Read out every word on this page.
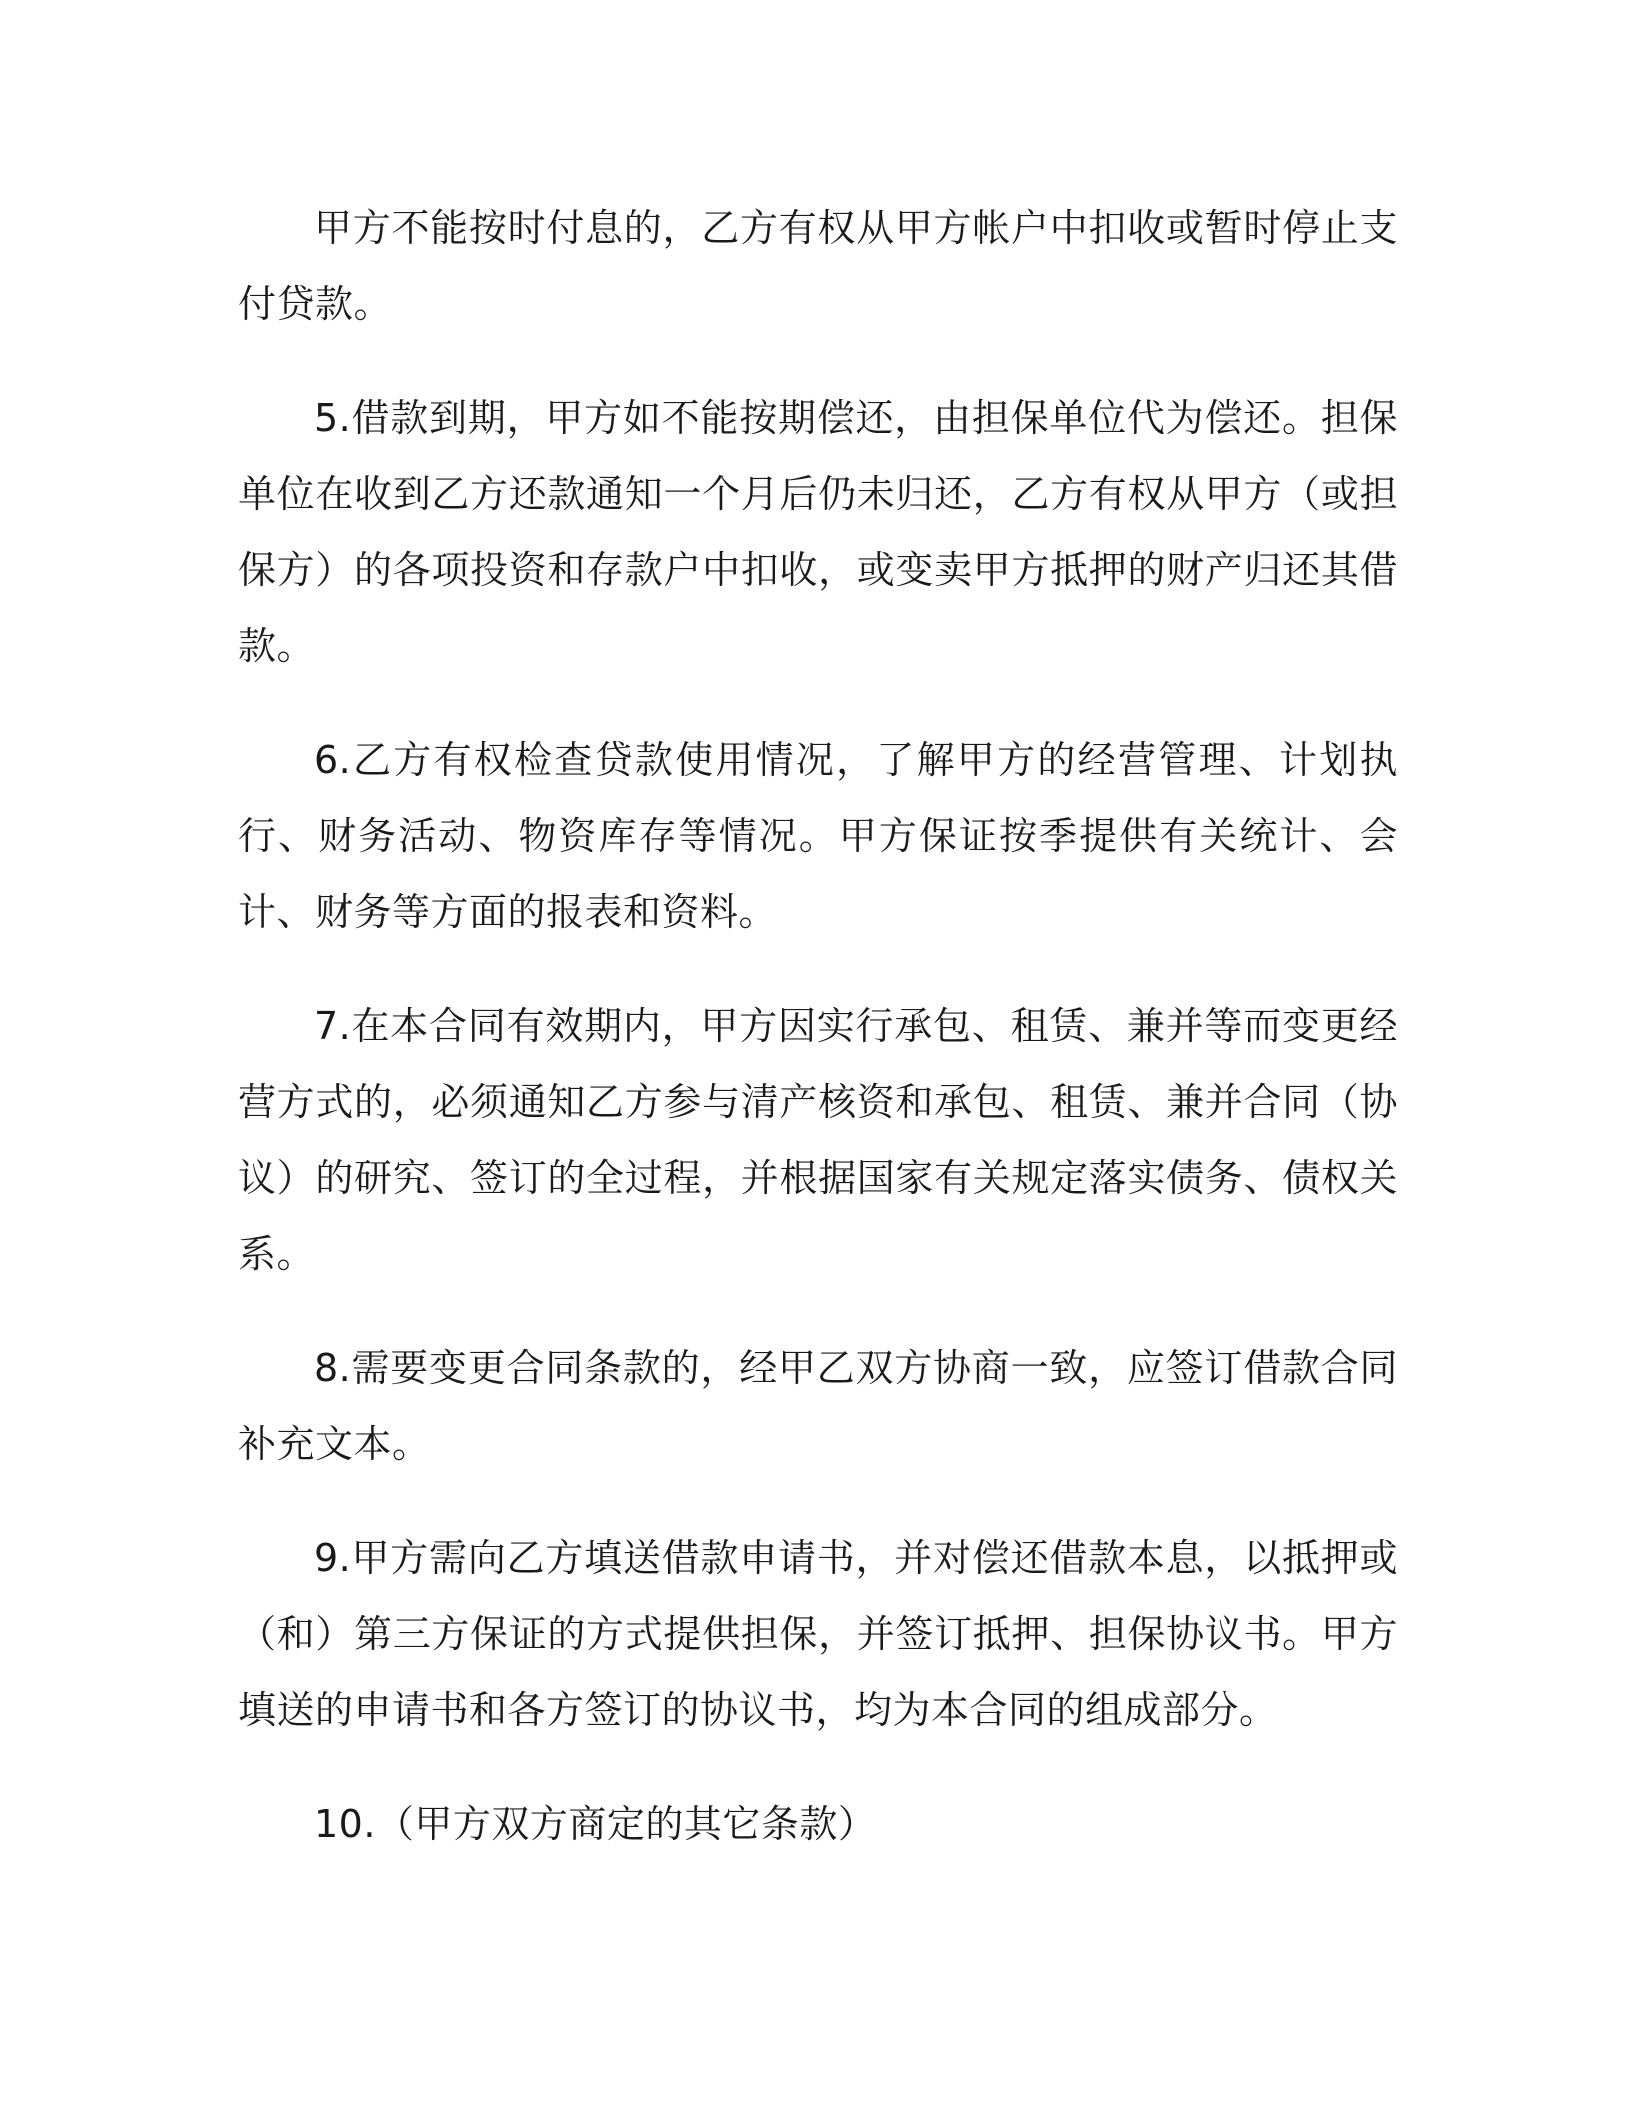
甲方不能按时付息的，乙方有权从甲方帐户中扣收或暂时停止支付贷款。

5.借款到期，甲方如不能按期偿还，由担保单位代为偿还。担保单位在收到乙方还款通知一个月后仍未归还，乙方有权从甲方（或担保方）的各项投资和存款户中扣收，或变卖甲方抵押的财产归还其借款。

6.乙方有权检查贷款使用情况，了解甲方的经营管理、计划执行、财务活动、物资库存等情况。甲方保证按季提供有关统计、会计、财务等方面的报表和资料。

7.在本合同有效期内，甲方因实行承包、租赁、兼并等而变更经营方式的，必须通知乙方参与清产核资和承包、租赁、兼并合同（协议）的研究、签订的全过程，并根据国家有关规定落实债务、债权关系。

8.需要变更合同条款的，经甲乙双方协商一致，应签订借款合同补充文本。

9.甲方需向乙方填送借款申请书，并对偿还借款本息，以抵押或（和）第三方保证的方式提供担保，并签订抵押、担保协议书。甲方填送的申请书和各方签订的协议书，均为本合同的组成部分。

10.（甲方双方商定的其它条款）
